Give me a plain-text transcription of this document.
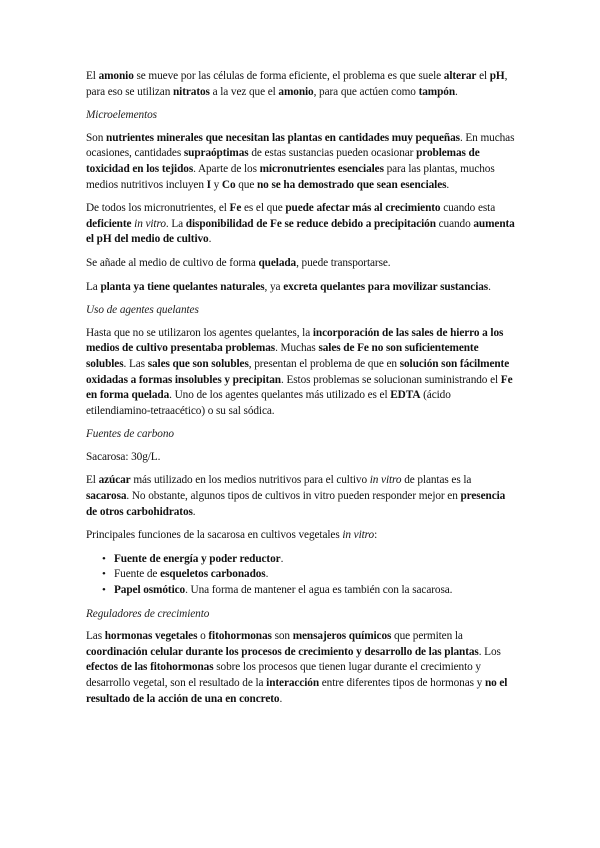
El amonio se mueve por las células de forma eficiente, el problema es que suele alterar el pH, para eso se utilizan nitratos a la vez que el amonio, para que actúen como tampón.
Microelementos
Son nutrientes minerales que necesitan las plantas en cantidades muy pequeñas. En muchas ocasiones, cantidades supraóptimas de estas sustancias pueden ocasionar problemas de toxicidad en los tejidos. Aparte de los micronutrientes esenciales para las plantas, muchos medios nutritivos incluyen I y Co que no se ha demostrado que sean esenciales.
De todos los micronutrientes, el Fe es el que puede afectar más al crecimiento cuando esta deficiente in vitro. La disponibilidad de Fe se reduce debido a precipitación cuando aumenta el pH del medio de cultivo.
Se añade al medio de cultivo de forma quelada, puede transportarse.
La planta ya tiene quelantes naturales, ya excreta quelantes para movilizar sustancias.
Uso de agentes quelantes
Hasta que no se utilizaron los agentes quelantes, la incorporación de las sales de hierro a los medios de cultivo presentaba problemas. Muchas sales de Fe no son suficientemente solubles. Las sales que son solubles, presentan el problema de que en solución son fácilmente oxidadas a formas insolubles y precipitan. Estos problemas se solucionan suministrando el Fe en forma quelada. Uno de los agentes quelantes más utilizado es el EDTA (ácido etilendiamino-tetraacético) o su sal sódica.
Fuentes de carbono
Sacarosa: 30g/L.
El azúcar más utilizado en los medios nutritivos para el cultivo in vitro de plantas es la sacarosa. No obstante, algunos tipos de cultivos in vitro pueden responder mejor en presencia de otros carbohidratos.
Principales funciones de la sacarosa en cultivos vegetales in vitro:
• Fuente de energía y poder reductor.
• Fuente de esqueletos carbonados.
• Papel osmótico. Una forma de mantener el agua es también con la sacarosa.
Reguladores de crecimiento
Las hormonas vegetales o fitohormonas son mensajeros químicos que permiten la coordinación celular durante los procesos de crecimiento y desarrollo de las plantas. Los efectos de las fitohormonas sobre los procesos que tienen lugar durante el crecimiento y desarrollo vegetal, son el resultado de la interacción entre diferentes tipos de hormonas y no el resultado de la acción de una en concreto.
